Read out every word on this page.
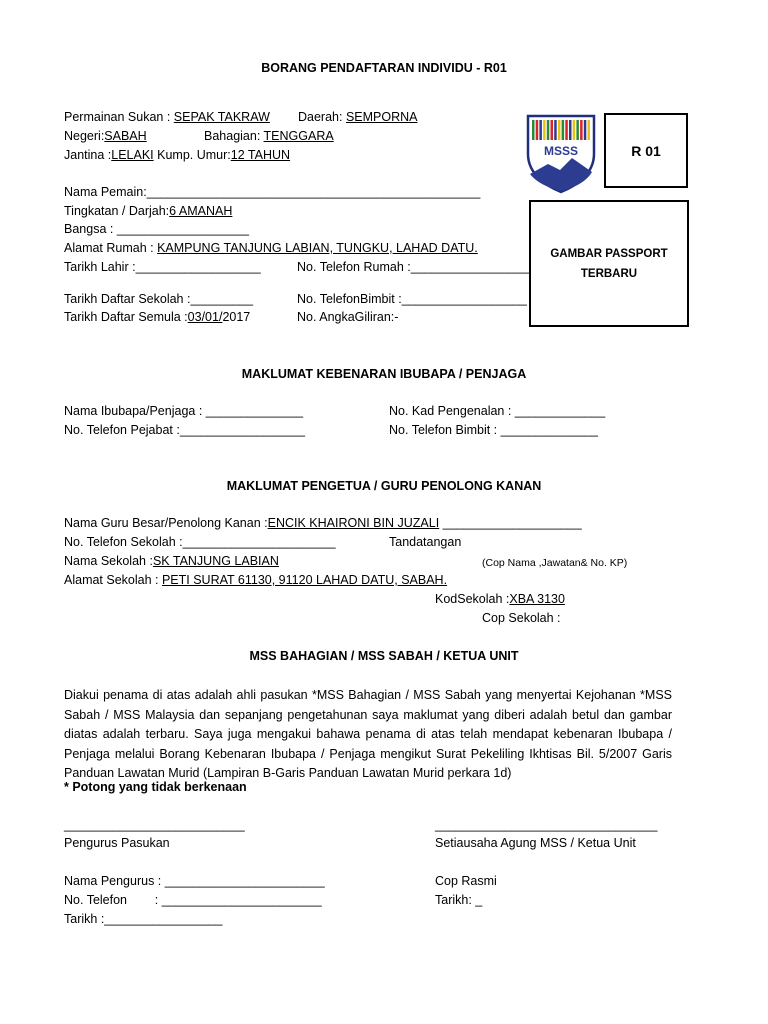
BORANG PENDAFTARAN INDIVIDU - R01
MSSS	R 01
GAMBAR PASSPORT
TERBARU
Permainan Sukan : SEPAK TAKRAW Daerah: SEMPORNA
Negeri:SABAH	Bahagian: TENGGARA
Jantina :LELAKI Kump. Umur:12 TAHUN
Nama Pemain:________________________________________________
Tingkatan / Darjah:6 AMANAH
Bangsa : ___________________
Alamat Rumah : KAMPUNG TANJUNG LABIAN, TUNGKU, LAHAD DATU.
Tarikh Lahir :__________________	No. Telefon Rumah :_________________
Tarikh Daftar Sekolah :_________	No. TelefonBimbit :__________________
Tarikh Daftar Semula :03/01/2017	No. AngkaGiliran:-
MAKLUMAT KEBENARAN IBUBAPA / PENJAGA
Nama Ibubapa/Penjaga : ______________	No. Kad Pengenalan : _____________
No. Telefon Pejabat :__________________	No. Telefon Bimbit : ______________
MAKLUMAT PENGETUA / GURU PENOLONG KANAN
Nama Guru Besar/Penolong Kanan :ENCIK KHAIRONI BIN JUZALI ____________________
No. Telefon Sekolah :______________________	Tandatangan
Nama Sekolah :SK TANJUNG LABIAN	(Cop Nama ,Jawatan& No. KP)
Alamat Sekolah : PETI SURAT 61130, 91120 LAHAD DATU, SABAH.
KodSekolah :XBA 3130
Cop Sekolah :
MSS BAHAGIAN / MSS SABAH / KETUA UNIT
Diakui penama di atas adalah ahli pasukan *MSS Bahagian / MSS Sabah yang menyertai Kejohanan *MSS Sabah / MSS Malaysia dan sepanjang pengetahunan saya maklumat yang diberi adalah betul dan gambar diatas adalah terbaru. Saya juga mengakui bahawa penama di atas telah mendapat kebenaran Ibubapa / Penjaga melalui Borang Kebenaran Ibubapa / Penjaga mengikut Surat Pekeliling Ikhtisas Bil. 5/2007 Garis Panduan Lawatan Murid (Lampiran B-Garis Panduan Lawatan Murid perkara 1d)
* Potong yang tidak berkenaan
__________________________
Pengurus Pasukan
________________________________
Setiausaha Agung MSS / Ketua Unit
Nama Pengurus : _______________________	Cop Rasmi
No. Telefon        : _______________________	Tarikh: _
Tarikh :_________________
